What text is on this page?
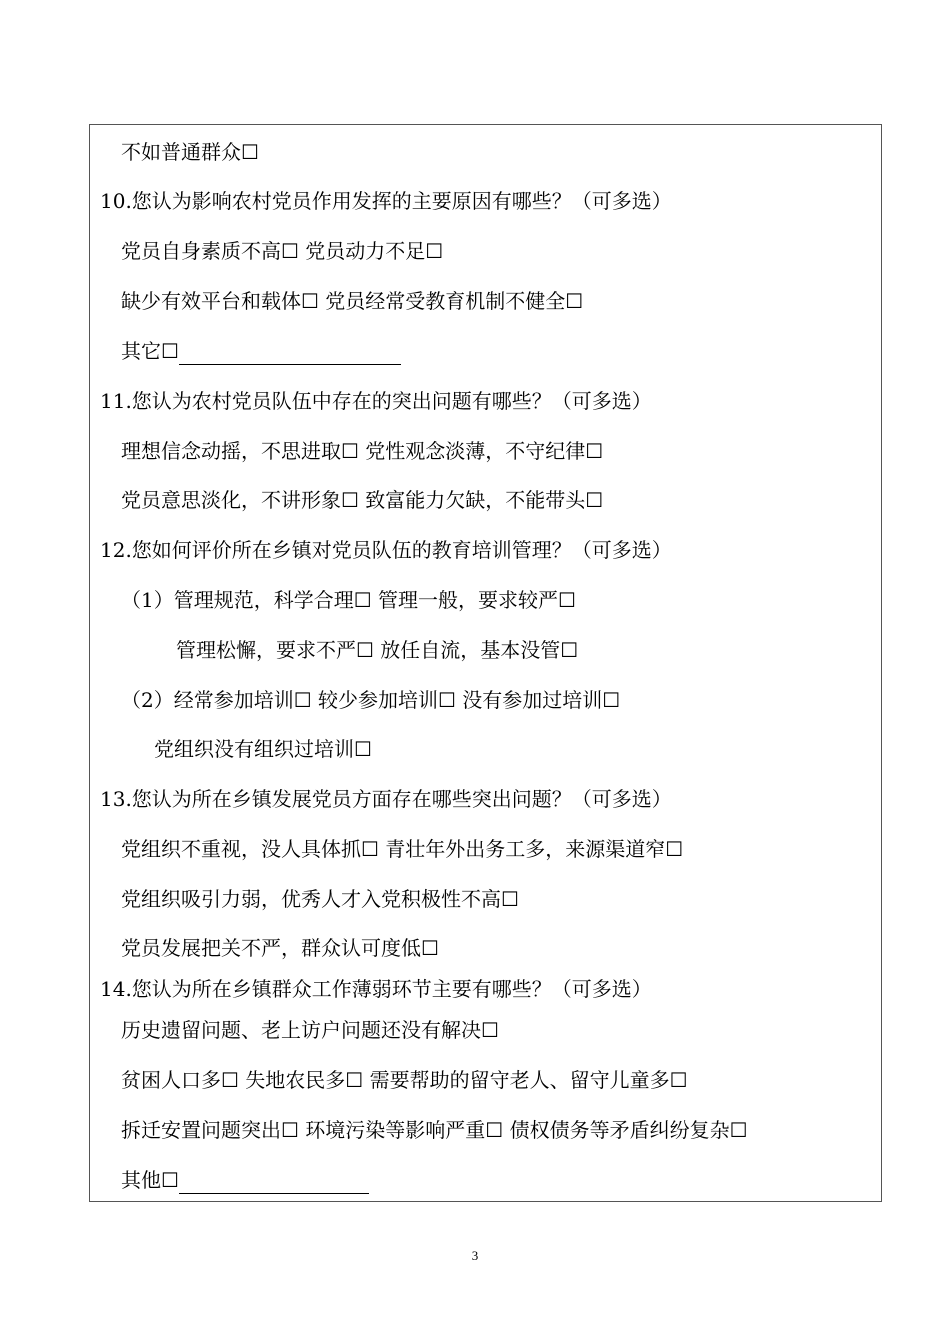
不如普通群众☐
10.您认为影响农村党员作用发挥的主要原因有哪些？（可多选）
党员自身素质不高☐ 党员动力不足☐
缺少有效平台和载体☐ 党员经常受教育机制不健全☐
其它☐
11.您认为农村党员队伍中存在的突出问题有哪些？（可多选）
理想信念动摇，不思进取☐ 党性观念淡薄，不守纪律☐
党员意思淡化，不讲形象☐ 致富能力欠缺，不能带头☐
12.您如何评价所在乡镇对党员队伍的教育培训管理？（可多选）
（1）管理规范，科学合理☐ 管理一般，要求较严☐
管理松懈，要求不严☐ 放任自流，基本没管☐
（2）经常参加培训☐ 较少参加培训☐ 没有参加过培训☐
党组织没有组织过培训☐
13.您认为所在乡镇发展党员方面存在哪些突出问题？（可多选）
党组织不重视，没人具体抓☐ 青壮年外出务工多，来源渠道窄☐
党组织吸引力弱，优秀人才入党积极性不高☐
党员发展把关不严，群众认可度低☐
14.您认为所在乡镇群众工作薄弱环节主要有哪些？（可多选）
历史遗留问题、老上访户问题还没有解决☐
贫困人口多☐ 失地农民多☐ 需要帮助的留守老人、留守儿童多☐
拆迁安置问题突出☐ 环境污染等影响严重☐ 债权债务等矛盾纠纷复杂☐
其他☐
3
